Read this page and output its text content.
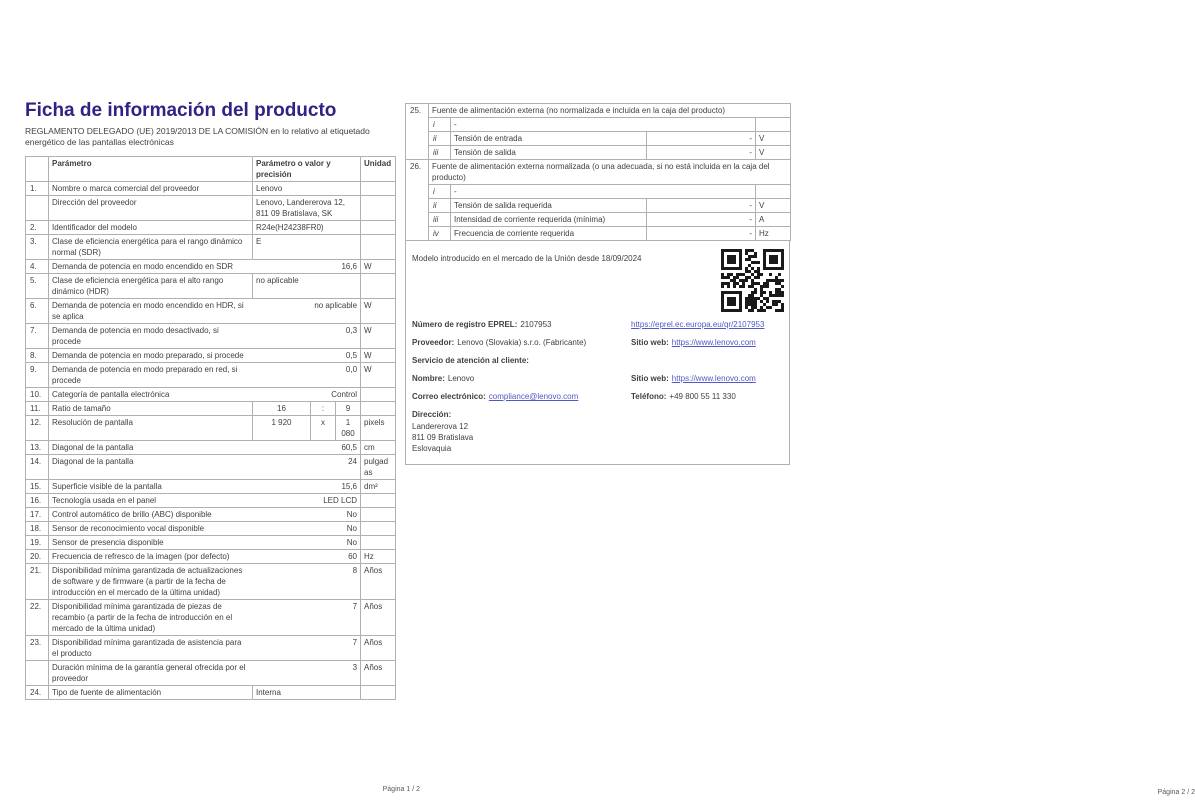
Ficha de información del producto

REGLAMENTO DELEGADO (UE) 2019/2013 DE LA COMISIÓN en lo relativo al etiquetado energético de las pantallas electrónicas

	Parámetro	Parámetro o valor y precisión			Unidad
1.	Nombre o marca comercial del proveedor	Lenovo			
	Dirección del proveedor	Lenovo, Landererova 12, 811 09 Bratislava, SK			
2.	Identificador del modelo	R24e(H24238FR0)			
3.	Clase de eficiencia energética para el rango dinámico normal (SDR)	E			
4.	Demanda de potencia en modo encendido en SDR	16,6			W
5.	Clase de eficiencia energética para el alto rango dinámico (HDR)	no aplicable			
6.	Demanda de potencia en modo encendido en HDR, si se aplica	no aplicable			W
7.	Demanda de potencia en modo desactivado, si procede	0,3			W
8.	Demanda de potencia en modo preparado, si procede	0,5			W
9.	Demanda de potencia en modo preparado en red, si procede	0,0			W
10.	Categoría de pantalla electrónica	Control			
11.	Ratio de tamaño	16	:	9	
12.	Resolución de pantalla	1 920	x	1 080	pixels
13.	Diagonal de la pantalla	60,5			cm
14.	Diagonal de la pantalla	24			pulgadas
15.	Superficie visible de la pantalla	15,6			dm²
16.	Tecnología usada en el panel	LED LCD			
17.	Control automático de brillo (ABC) disponible	No			
18.	Sensor de reconocimiento vocal disponible	No			
19.	Sensor de presencia disponible	No			
20.	Frecuencia de refresco de la imagen (por defecto)	60			Hz
21.	Disponibilidad mínima garantizada de actualizaciones de software y de firmware (a partir de la fecha de introducción en el mercado de la última unidad)	8			Años
22.	Disponibilidad mínima garantizada de piezas de recambio (a partir de la fecha de introducción en el mercado de la última unidad)	7			Años
23.	Disponibilidad mínima garantizada de asistencia para el producto	7			Años
	Duración mínima de la garantía general ofrecida por el proveedor	3			Años
24.	Tipo de fuente de alimentación	Interna			
Página 1 / 2
25.	Fuente de alimentación externa (no normalizada e incluida en la caja del producto)			
	i	-		
	ii	Tensión de entrada	-	V
	iii	Tensión de salida	-	V
26.	Fuente de alimentación externa normalizada (o una adecuada, si no está incluida en la caja del producto)			
	i	-		
	ii	Tensión de salida requerida	-	V
	iii	Intensidad de corriente requerida (mínima)	-	A
	iv	Frecuencia de corriente requerida	-	Hz
Modelo introducido en el mercado de la Unión desde 18/09/2024
Número de registro EPREL: 2107953	https://eprel.ec.europa.eu/qr/2107953
Proveedor: Lenovo (Slovakia) s.r.o. (Fabricante)	Sitio web: https://www.lenovo.com
Servicio de atención al cliente:
Nombre: Lenovo	Sitio web: https://www.lenovo.com
Correo electrónico: compliance@lenovo.com	Teléfono: +49 800 55 11 330
Dirección:
Landererova 12
811 09 Bratislava
Eslovaquia
Página 2 / 2
